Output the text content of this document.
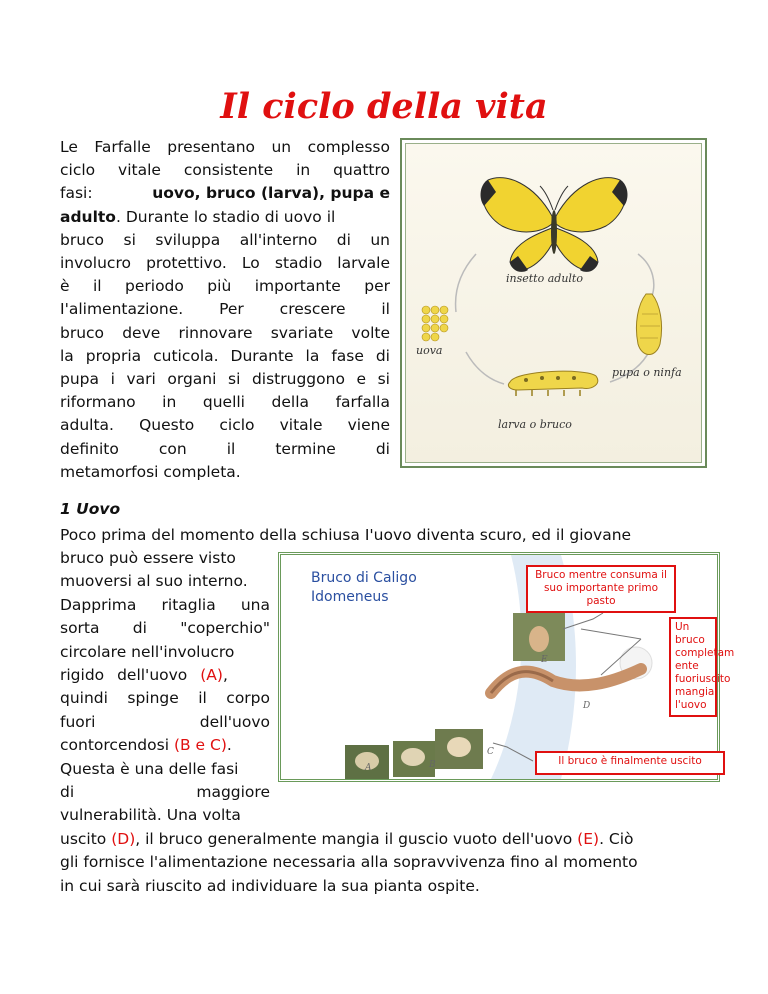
Il ciclo della vita
Le Farfalle presentano un complesso
ciclo vitale consistente in quattro
fasi:	uovo, bruco (larva), pupa e
adulto. Durante lo stadio di uovo il
bruco si sviluppa all'interno di un
involucro protettivo. Lo stadio larvale
è il periodo più importante per
I'alimentazione. Per crescere il
bruco deve rinnovare svariate volte
la propria cuticola. Durante la fase di
pupa i vari organi si distruggono e si
riformano in quelli della farfalla
adulta. Questo ciclo vitale viene
definito con il termine di
metamorfosi completa.
insetto adulto
uova
pupa o ninfa
larva o bruco
1 Uovo
Poco prima del momento della schiusa I'uovo diventa scuro, ed il giovane
bruco può essere visto
muoversi al suo interno.
Dapprima ritaglia una
sorta di "coperchio"
circolare nell'involucro
rigido dell'uovo (A),
quindi spinge il corpo
fuori dell'uovo
contorcendosi (B e C).
Questa è una delle fasi
di maggiore
vulnerabilità. Una volta
uscito (D), il bruco generalmente mangia il guscio vuoto dell'uovo (E). Ciò
gli fornisce l'alimentazione necessaria alla sopravvivenza fino al momento
in cui sarà riuscito ad individuare la sua pianta ospite.
Bruco di Caligo
Idomeneus
Bruco mentre consuma il suo importante primo pasto
Un bruco completam ente fuoriuscito mangia l'uovo
Il bruco è finalmente uscito
A	B
C
D
E
